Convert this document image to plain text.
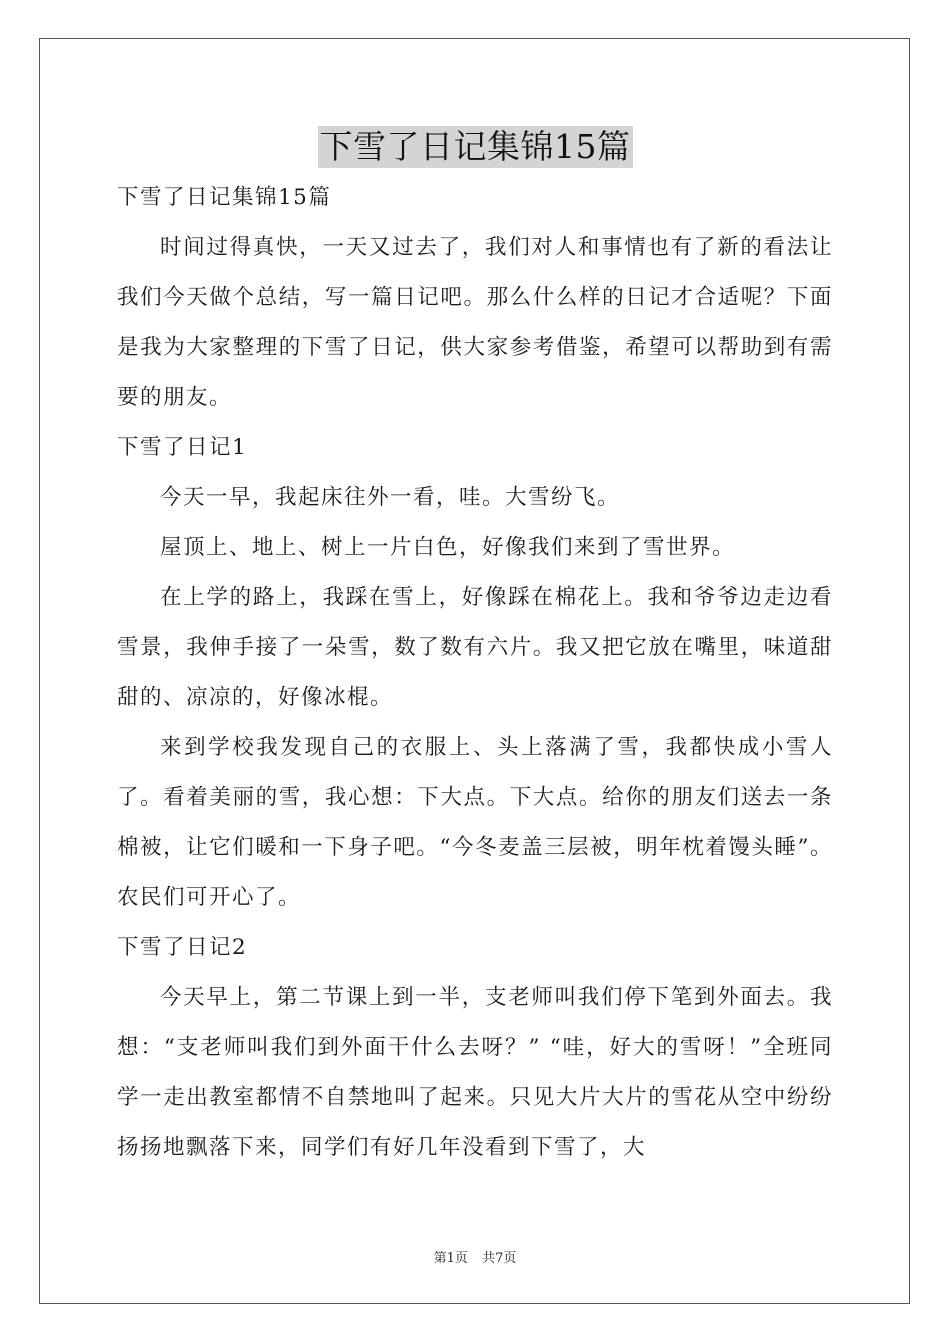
下雪了日记集锦15篇

下雪了日记集锦15篇

时间过得真快，一天又过去了，我们对人和事情也有了新的看法让我们今天做个总结，写一篇日记吧。那么什么样的日记才合适呢？下面是我为大家整理的下雪了日记，供大家参考借鉴，希望可以帮助到有需要的朋友。

下雪了日记1

今天一早，我起床往外一看，哇。大雪纷飞。

屋顶上、地上、树上一片白色，好像我们来到了雪世界。

在上学的路上，我踩在雪上，好像踩在棉花上。我和爷爷边走边看雪景，我伸手接了一朵雪，数了数有六片。我又把它放在嘴里，味道甜甜的、凉凉的，好像冰棍。

来到学校我发现自己的衣服上、头上落满了雪，我都快成小雪人了。看着美丽的雪，我心想：下大点。下大点。给你的朋友们送去一条棉被，让它们暖和一下身子吧。“今冬麦盖三层被，明年枕着馒头睡”。农民们可开心了。

下雪了日记2

今天早上，第二节课上到一半，支老师叫我们停下笔到外面去。我想：“支老师叫我们到外面干什么去呀？” “哇，好大的雪呀！”全班同学一走出教室都情不自禁地叫了起来。只见大片大片的雪花从空中纷纷扬扬地飘落下来，同学们有好几年没看到下雪了，大

第1页 共7页
